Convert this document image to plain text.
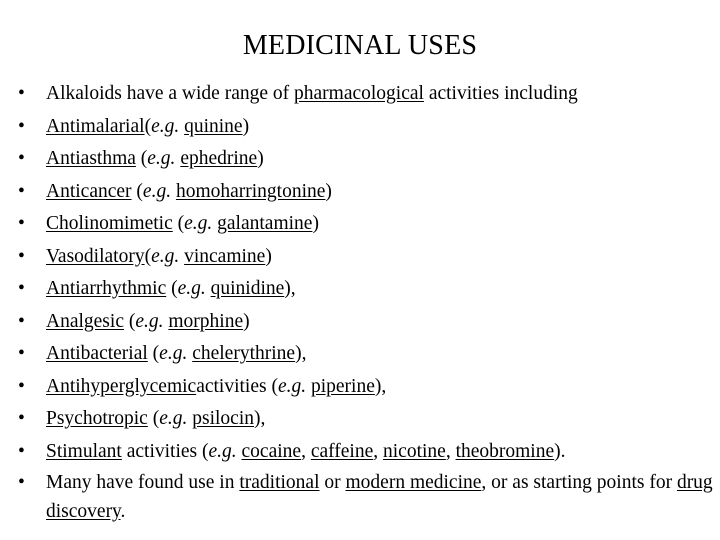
MEDICINAL USES
•	Alkaloids have a wide range of pharmacological activities including
•	Antimalarial(e.g. quinine)
•	Antiasthma (e.g. ephedrine)
•	Anticancer (e.g. homoharringtonine)
•	Cholinomimetic (e.g. galantamine)
•	Vasodilatory(e.g. vincamine)
•	Antiarrhythmic (e.g. quinidine),
•	Analgesic (e.g. morphine)
•	Antibacterial (e.g. chelerythrine),
•	Antihyperglycemicactivities (e.g. piperine),
•	Psychotropic (e.g. psilocin),
•	Stimulant activities (e.g. cocaine, caffeine, nicotine, theobromine).
•	Many have found use in traditional or modern medicine, or as starting points for drug discovery.
